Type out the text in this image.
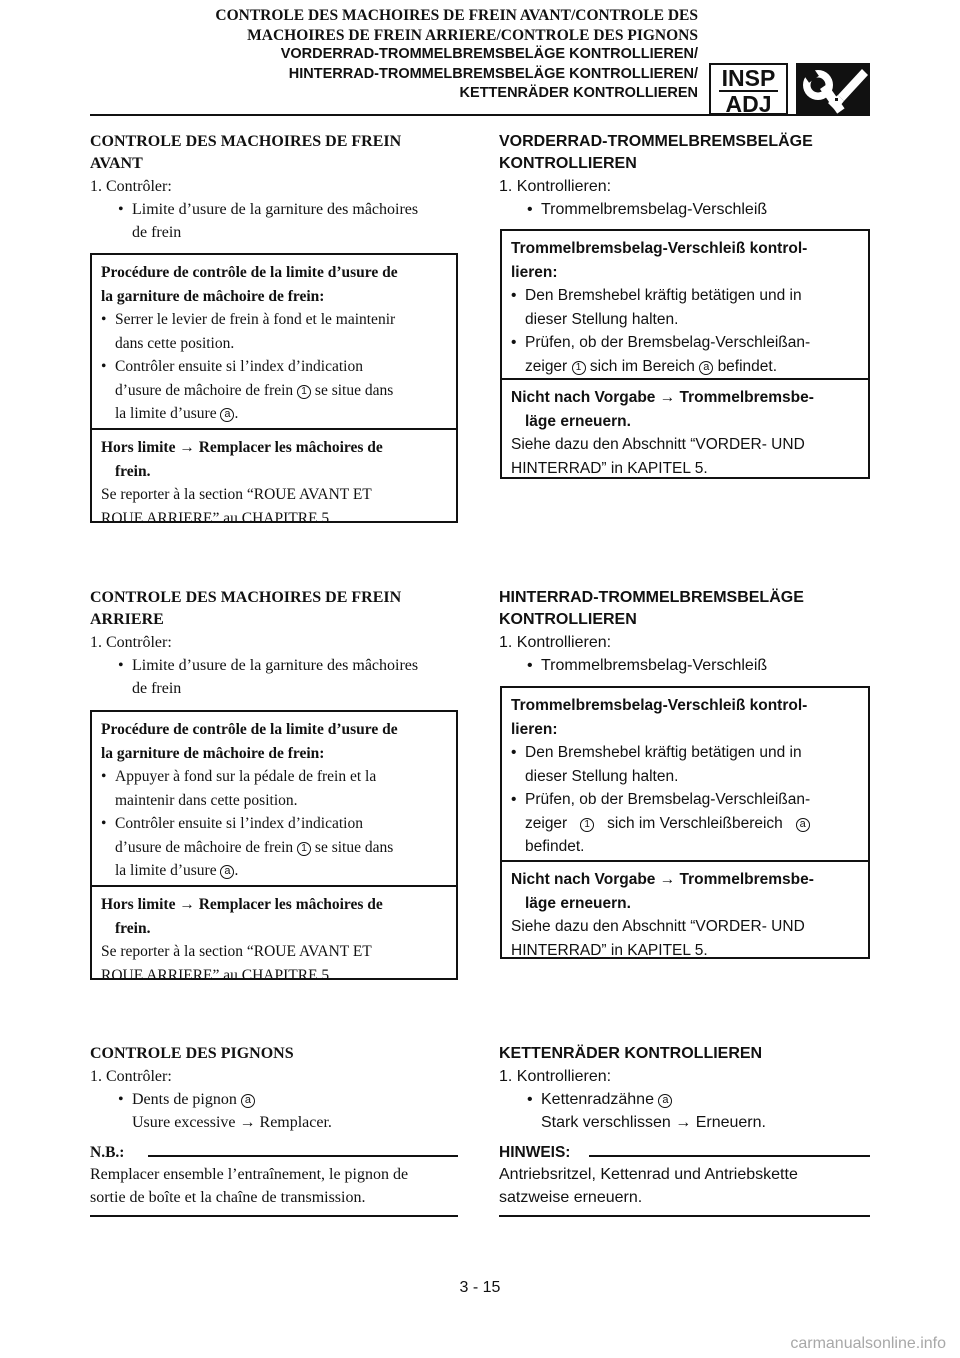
CONTROLE DES MACHOIRES DE FREIN AVANT/CONTROLE DES
MACHOIRES DE FREIN ARRIERE/CONTROLE DES PIGNONS
VORDERRAD-TROMMELBREMSBELÄGE KONTROLLIEREN/
HINTERRAD-TROMMELBREMSBELÄGE KONTROLLIEREN/
KETTENRÄDER KONTROLLIEREN
INSP
ADJ

CONTROLE DES MACHOIRES DE FREIN

AVANT

1. Contrôler:

• Limite d’usure de la garniture des mâchoires
de frein
Procédure de contrôle de la limite d’usure de
la garniture de mâchoire de frein:
• Serrer le levier de frein à fond et le maintenir
dans cette position.
• Contrôler ensuite si l’index d’indication
d’usure de mâchoire de frein 1 se situe dans
la limite d’usure a .
Hors limite → Remplacer les mâchoires de
frein.
Se reporter à la section “ROUE AVANT ET
ROUE ARRIERE” au CHAPITRE 5.

VORDERRAD-TROMMELBREMSBELÄGE

KONTROLLIEREN

1. Kontrollieren:

• Trommelbremsbelag-Verschleiß
Trommelbremsbelag-Verschleiß kontrol-
lieren:
• Den Bremshebel kräftig betätigen und in
dieser Stellung halten.
• Prüfen, ob der Bremsbelag-Verschleißan-
zeiger 1 sich im Bereich a befindet.
Nicht nach Vorgabe → Trommelbremsbe-
läge erneuern.
Siehe dazu den Abschnitt “VORDER- UND
HINTERRAD” in KAPITEL 5.

CONTROLE DES MACHOIRES DE FREIN

ARRIERE

1. Contrôler:

• Limite d’usure de la garniture des mâchoires
de frein
Procédure de contrôle de la limite d’usure de
la garniture de mâchoire de frein:
• Appuyer à fond sur la pédale de frein et la
maintenir dans cette position.
• Contrôler ensuite si l’index d’indication
d’usure de mâchoire de frein 1 se situe dans
la limite d’usure a .
Hors limite → Remplacer les mâchoires de
frein.
Se reporter à la section “ROUE AVANT ET
ROUE ARRIERE” au CHAPITRE 5.

HINTERRAD-TROMMELBREMSBELÄGE

KONTROLLIEREN

1. Kontrollieren:

• Trommelbremsbelag-Verschleiß
Trommelbremsbelag-Verschleiß kontrol-
lieren:
• Den Bremshebel kräftig betätigen und in
dieser Stellung halten.
• Prüfen, ob der Bremsbelag-Verschleißan-
zeiger 1 sich im Verschleißbereich a
befindet.
Nicht nach Vorgabe → Trommelbremsbe-
läge erneuern.
Siehe dazu den Abschnitt “VORDER- UND
HINTERRAD” in KAPITEL 5.

CONTROLE DES PIGNONS

1. Contrôler:

• Dents de pignon a
Usure excessive → Remplacer.
N.B.:
Remplacer ensemble l’entraînement, le pignon de
sortie de boîte et la chaîne de transmission.

KETTENRÄDER KONTROLLIEREN

1. Kontrollieren:

• Kettenradzähne a
Stark verschlissen → Erneuern.
HINWEIS:
Antriebsritzel, Kettenrad und Antriebskette
satzweise erneuern.
3 - 15
carmanualsonline.info
